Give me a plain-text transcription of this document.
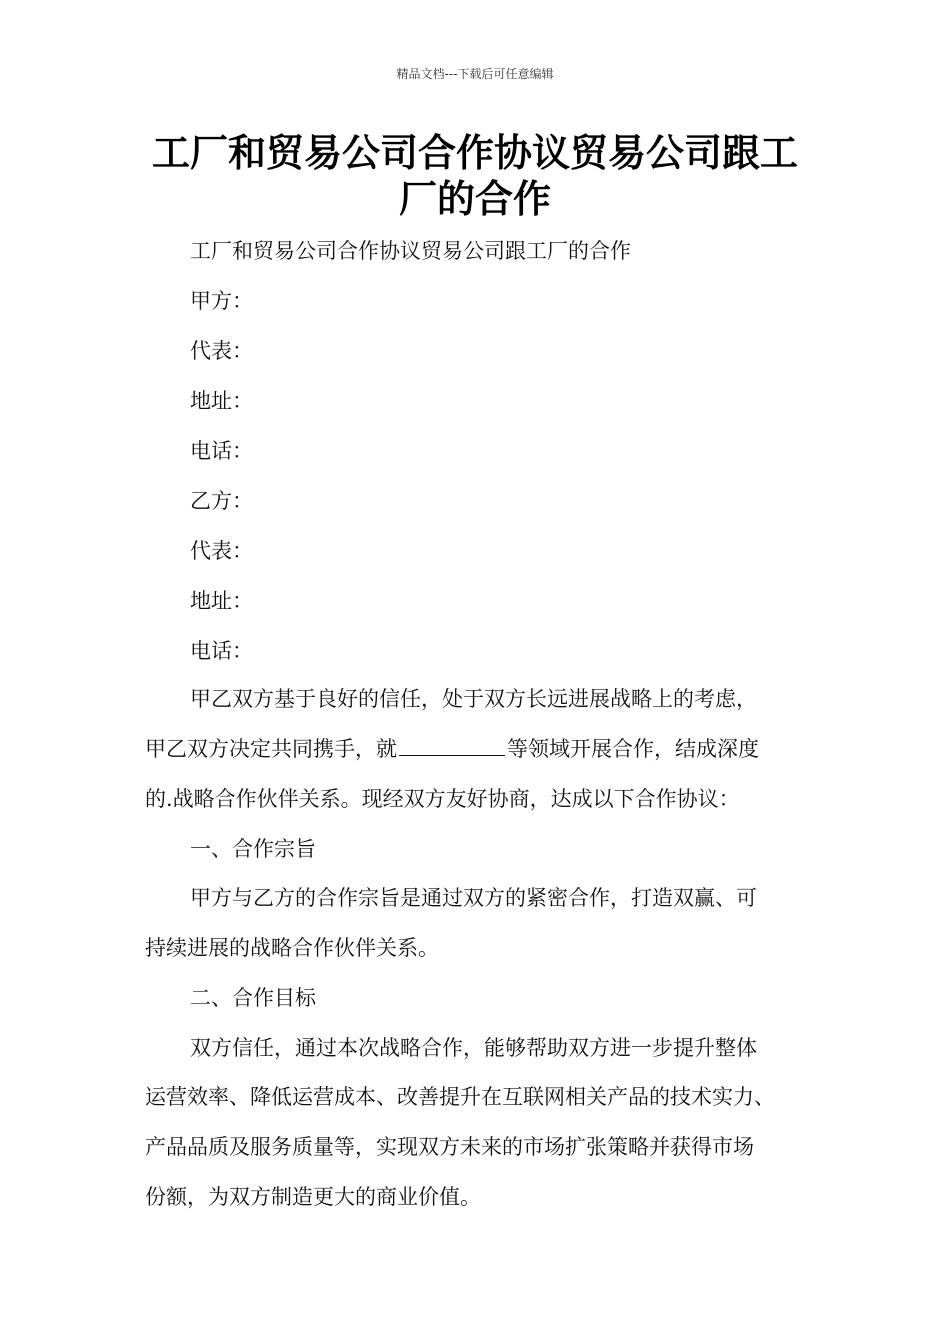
精品文档---下载后可任意编辑
工厂和贸易公司合作协议贸易公司跟工
厂的合作
工厂和贸易公司合作协议贸易公司跟工厂的合作
甲方：
代表：
地址：
电话：
乙方：
代表：
地址：
电话：
甲乙双方基于良好的信任，处于双方长远进展战略上的考虑，
甲乙双方决定共同携手，就	等领域开展合作，结成深度
的.战略合作伙伴关系。现经双方友好协商，达成以下合作协议：
一、合作宗旨
甲方与乙方的合作宗旨是通过双方的紧密合作，打造双赢、可
持续进展的战略合作伙伴关系。
二、合作目标
双方信任，通过本次战略合作，能够帮助双方进一步提升整体
运营效率、降低运营成本、改善提升在互联网相关产品的技术实力、
产品品质及服务质量等，实现双方未来的市场扩张策略并获得市场
份额，为双方制造更大的商业价值。
